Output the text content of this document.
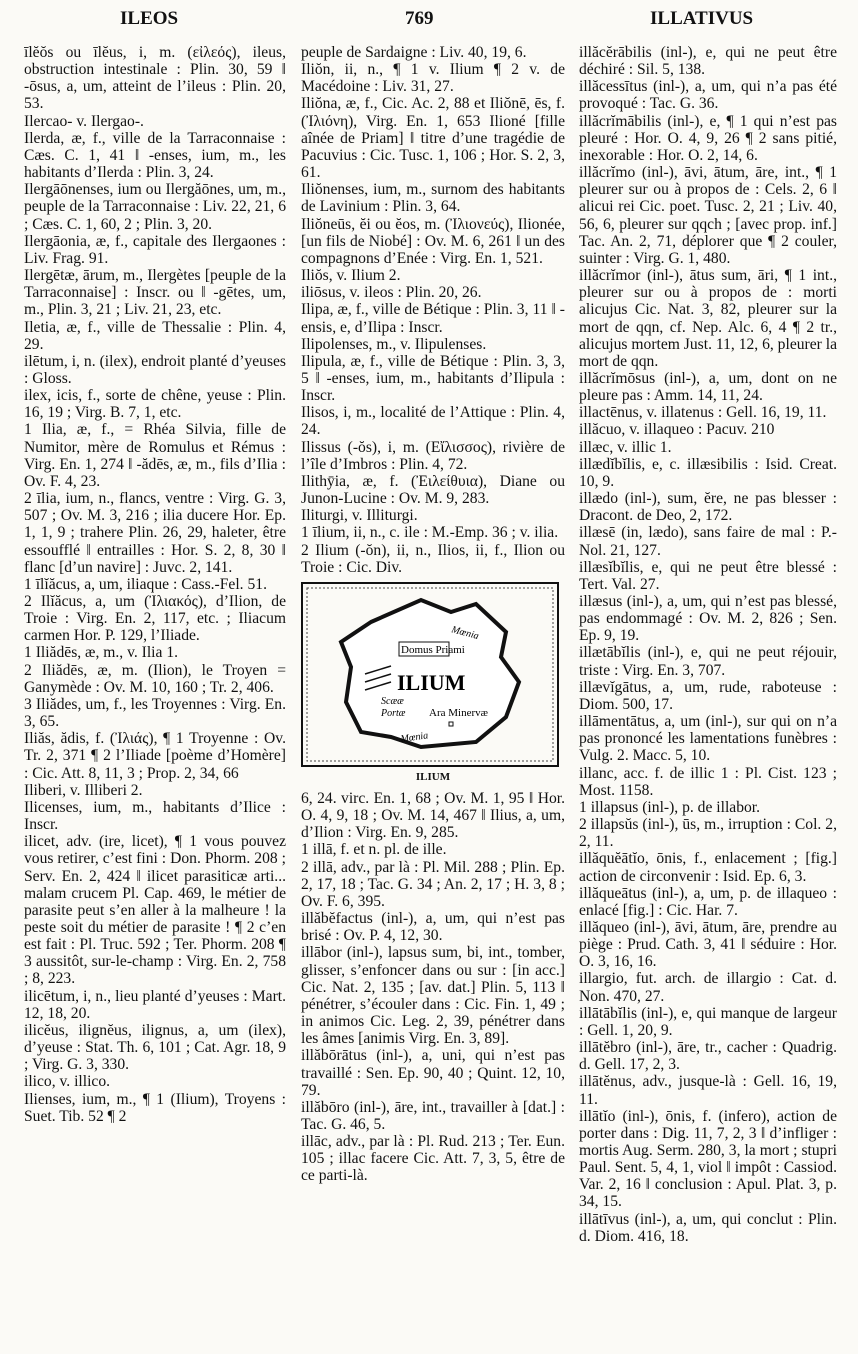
ILEOS	769	ILLATIVUS
īlĕŏs ou īlĕus, i, m. (εἰλεός), ileus, obstruction intestinale : Plin. 30, 59 ‖ -ōsus, a, um, atteint de l’ileus : Plin. 20, 53.
Ilercao- v. Ilergao-.
Ilerda, æ, f., ville de la Tarraconnaise : Cæs. C. 1, 41 ‖ -enses, ium, m., les habitants d’Ilerda : Plin. 3, 24.
Ilergāōnenses, ium ou Ilergăōnes, um, m., peuple de la Tarraconnaise : Liv. 22, 21, 6 ; Cæs. C. 1, 60, 2 ; Plin. 3, 20.
Ilergāonia, æ, f., capitale des Ilergaones : Liv. Frag. 91.
Ilergētæ, ārum, m., Ilergètes [peuple de la Tarraconnaise] : Inscr. ou ‖ -gētes, um, m., Plin. 3, 21 ; Liv. 21, 23, etc.
Iletia, æ, f., ville de Thessalie : Plin. 4, 29.
ilētum, i, n. (ilex), endroit planté d’yeuses : Gloss.
ilex, icis, f., sorte de chêne, yeuse : Plin. 16, 19 ; Virg. B. 7, 1, etc.
1 Ilia, æ, f., = Rhéa Silvia, fille de Numitor, mère de Romulus et Rémus : Virg. En. 1, 274 ‖ -ădēs, æ, m., fils d’Ilia : Ov. F. 4, 23.
2 īlia, ium, n., flancs, ventre : Virg. G. 3, 507 ; Ov. M. 3, 216 ; ilia ducere Hor. Ep. 1, 1, 9 ; trahere Plin. 26, 29, haleter, être essoufflé ‖ entrailles : Hor. S. 2, 8, 30 ‖ flanc [d’un navire] : Juvc. 2, 141.
1 īlĭăcus, a, um, iliaque : Cass.-Fel. 51.
2 Ilĭăcus, a, um (Ἰλιακός), d’Ilion, de Troie : Virg. En. 2, 117, etc. ; Iliacum carmen Hor. P. 129, l’Iliade.
1 Iliădēs, æ, m., v. Ilia 1.
2 Iliădēs, æ, m. (Ilion), le Troyen = Ganymède : Ov. M. 10, 160 ; Tr. 2, 406.
3 Iliădes, um, f., les Troyennes : Virg. En. 3, 65.
Iliăs, ădis, f. (Ἰλιάς), ¶ 1 Troyenne : Ov. Tr. 2, 371 ¶ 2 l’Iliade [poème d’Homère] : Cic. Att. 8, 11, 3 ; Prop. 2, 34, 66
Iliberi, v. Illiberi 2.
Ilicenses, ium, m., habitants d’Ilice : Inscr.
ilicet, adv. (ire, licet), ¶ 1 vous pouvez vous retirer, c’est fini : Don. Phorm. 208 ; Serv. En. 2, 424 ‖ ilicet parasiticæ arti... malam crucem Pl. Cap. 469, le métier de parasite peut s’en aller à la malheure ! la peste soit du métier de parasite ! ¶ 2 c’en est fait : Pl. Truc. 592 ; Ter. Phorm. 208 ¶ 3 aussitôt, sur-le-champ : Virg. En. 2, 758 ; 8, 223.
ilicētum, i, n., lieu planté d’yeuses : Mart. 12, 18, 20.
ilicĕus, ilignĕus, ilignus, a, um (ilex), d’yeuse : Stat. Th. 6, 101 ; Cat. Agr. 18, 9 ; Virg. G. 3, 330.
ilico, v. illico.
Ilienses, ium, m., ¶ 1 (Ilium), Troyens : Suet. Tib. 52 ¶ 2
peuple de Sardaigne : Liv. 40, 19, 6.
Iliŏn, ii, n., ¶ 1 v. Ilium ¶ 2 v. de Macédoine : Liv. 31, 27.
Iliŏna, æ, f., Cic. Ac. 2, 88 et Iliŏnē, ēs, f. (Ἰλιόνη), Virg. En. 1, 653 Ilioné [fille aînée de Priam] ‖ titre d’une tragédie de Pacuvius : Cic. Tusc. 1, 106 ; Hor. S. 2, 3, 61.
Iliŏnenses, ium, m., surnom des habitants de Lavinium : Plin. 3, 64.
Iliŏneūs, ĕi ou ĕos, m. (Ἰλιονεύς), Ilionée, [un fils de Niobé] : Ov. M. 6, 261 ‖ un des compagnons d’Enée : Virg. En. 1, 521.
Iliŏs, v. Ilium 2.
iliōsus, v. ileos : Plin. 20, 26.
Ilipa, æ, f., ville de Bétique : Plin. 3, 11 ‖ -ensis, e, d’Ilipa : Inscr.
Ilipolenses, m., v. Ilipulenses.
Ilipula, æ, f., ville de Bétique : Plin. 3, 3, 5 ‖ -enses, ium, m., habitants d’Ilipula : Inscr.
Ilisos, i, m., localité de l’Attique : Plin. 4, 24.
Ilissus (-ŏs), i, m. (Εἴλισσος), rivière de l’île d’Imbros : Plin. 4, 72.
Ilithȳia, æ, f. (Ἐιλείθυια), Diane ou Junon-Lucine : Ov. M. 9, 283.
Iliturgi, v. Illiturgi.
1 īlium, ii, n., c. ile : M.-Emp. 36 ; v. ilia.
2 Ilium (-ŏn), ii, n., Ilios, ii, f., Ilion ou Troie : Cic. Div.
Domus Priami
Mœnia
ILIUM
Scææ
Portæ Ara Minervæ
Mœnia
ILIUM
6, 24. virc. En. 1, 68 ; Ov. M. 1, 95 ‖ Hor. O. 4, 9, 18 ; Ov. M. 14, 467 ‖ Ilius, a, um, d’Ilion : Virg. En. 9, 285.
1 illā, f. et n. pl. de ille.
2 illā, adv., par là : Pl. Mil. 288 ; Plin. Ep. 2, 17, 18 ; Tac. G. 34 ; An. 2, 17 ; H. 3, 8 ; Ov. F. 6, 395.
illăbĕfactus (inl-), a, um, qui n’est pas brisé : Ov. P. 4, 12, 30.
illābor (inl-), lapsus sum, bi, int., tomber, glisser, s’enfoncer dans ou sur : [in acc.] Cic. Nat. 2, 135 ; [av. dat.] Plin. 5, 113 ‖ pénétrer, s’écouler dans : Cic. Fin. 1, 49 ; in animos Cic. Leg. 2, 39, pénétrer dans les âmes [animis Virg. En. 3, 89].
illăbōrātus (inl-), a, uni, qui n’est pas travaillé : Sen. Ep. 90, 40 ; Quint. 12, 10, 79.
illăbōro (inl-), āre, int., travailler à [dat.] : Tac. G. 46, 5.
illāc, adv., par là : Pl. Rud. 213 ; Ter. Eun. 105 ; illac facere Cic. Att. 7, 3, 5, être de ce parti-là.
illăcĕrābilis (inl-), e, qui ne peut être déchiré : Sil. 5, 138.
illăcessītus (inl-), a, um, qui n’a pas été provoqué : Tac. G. 36.
illăcrĭmābilis (inl-), e, ¶ 1 qui n’est pas pleuré : Hor. O. 4, 9, 26 ¶ 2 sans pitié, inexorable : Hor. O. 2, 14, 6.
illăcrĭmo (inl-), āvi, ātum, āre, int., ¶ 1 pleurer sur ou à propos de : Cels. 2, 6 ‖ alicui rei Cic. poet. Tusc. 2, 21 ; Liv. 40, 56, 6, pleurer sur qqch ; [avec prop. inf.] Tac. An. 2, 71, déplorer que ¶ 2 couler, suinter : Virg. G. 1, 480.
illăcrĭmor (inl-), ātus sum, āri, ¶ 1 int., pleurer sur ou à propos de : morti alicujus Cic. Nat. 3, 82, pleurer sur la mort de qqn, cf. Nep. Alc. 6, 4 ¶ 2 tr., alicujus mortem Just. 11, 12, 6, pleurer la mort de qqn.
illăcrĭmōsus (inl-), a, um, dont on ne pleure pas : Amm. 14, 11, 24.
illactēnus, v. illatenus : Gell. 16, 19, 11.
illăcuo, v. illaqueo : Pacuv. 210
illæc, v. illic 1.
illædĭbĭlis, e, c. illæsibilis : Isid. Creat. 10, 9.
illædo (inl-), sum, ĕre, ne pas blesser : Dracont. de Deo, 2, 172.
illæsē (in, lædo), sans faire de mal : P.-Nol. 21, 127.
illæsĭbĭlis, e, qui ne peut être blessé : Tert. Val. 27.
illæsus (inl-), a, um, qui n’est pas blessé, pas endommagé : Ov. M. 2, 826 ; Sen. Ep. 9, 19.
illætābĭlis (inl-), e, qui ne peut réjouir, triste : Virg. En. 3, 707.
illævĭgātus, a, um, rude, raboteuse : Diom. 500, 17.
illāmentātus, a, um (inl-), sur qui on n’a pas prononcé les lamentations funèbres : Vulg. 2. Macc. 5, 10.
illanc, acc. f. de illic 1 : Pl. Cist. 123 ; Most. 1158.
1 illapsus (inl-), p. de illabor.
2 illapsŭs (inl-), ūs, m., irruption : Col. 2, 2, 11.
illăquĕātĭo, ōnis, f., enlacement ; [fig.] action de circonvenir : Isid. Ep. 6, 3.
illăqueātus (inl-), a, um, p. de illaqueo : enlacé [fig.] : Cic. Har. 7.
illăqueo (inl-), āvi, ātum, āre, prendre au piège : Prud. Cath. 3, 41 ‖ séduire : Hor. O. 3, 16, 16.
illargio, fut. arch. de illargio : Cat. d. Non. 470, 27.
illātābĭlis (inl-), e, qui manque de largeur : Gell. 1, 20, 9.
illātĕbro (inl-), āre, tr., cacher : Quadrig. d. Gell. 17, 2, 3.
illātĕnus, adv., jusque-là : Gell. 16, 19, 11.
illātĭo (inl-), ōnis, f. (infero), action de porter dans : Dig. 11, 7, 2, 3 ‖ d’infliger : mortis Aug. Serm. 280, 3, la mort ; stupri Paul. Sent. 5, 4, 1, viol ‖ impôt : Cassiod. Var. 2, 16 ‖ conclusion : Apul. Plat. 3, p. 34, 15.
illātīvus (inl-), a, um, qui conclut : Plin. d. Diom. 416, 18.
